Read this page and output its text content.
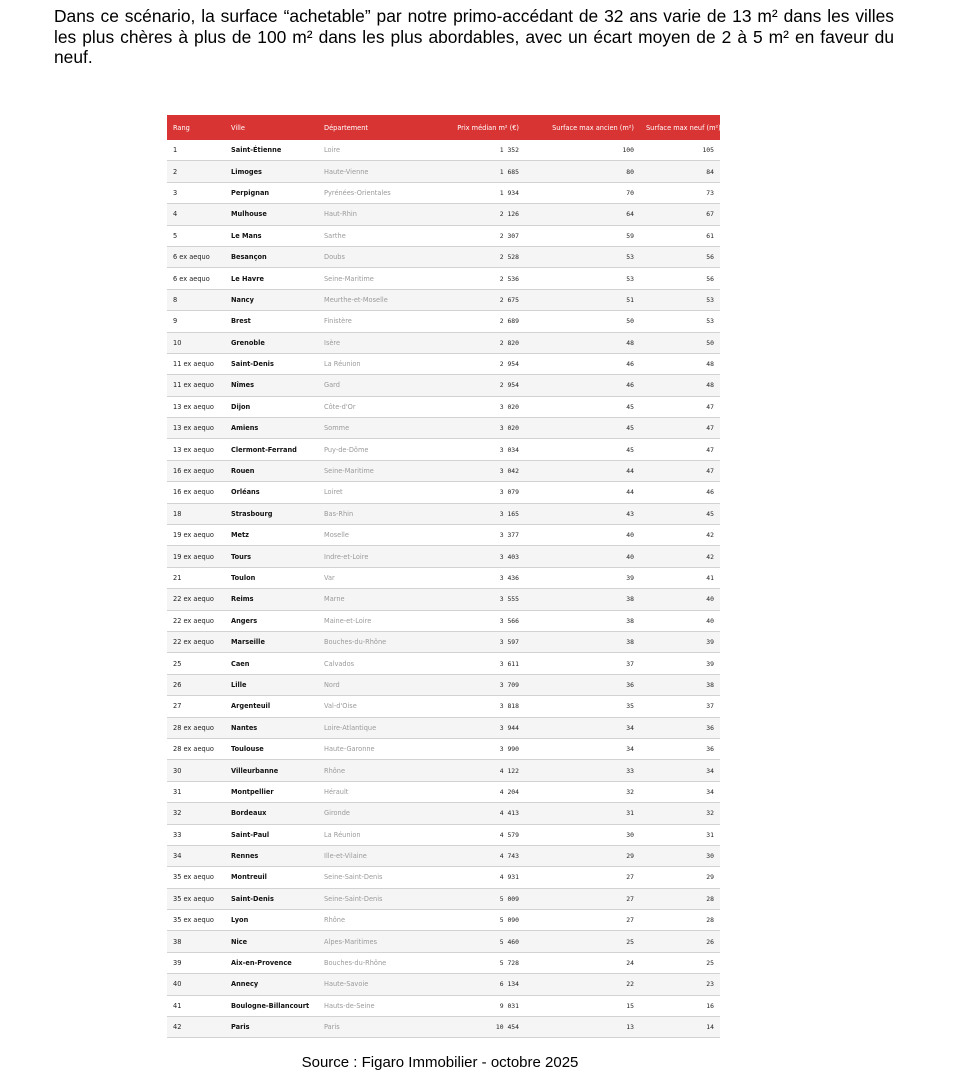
Dans ce scénario, la surface “achetable” par notre primo-accédant de 32 ans varie de 13 m² dans les villes les plus chères à plus de 100 m² dans les plus abordables, avec un écart moyen de 2 à 5 m² en faveur du neuf.

Rang	Ville	Département	Prix médian m² (€)	Surface max ancien (m²)	Surface max neuf (m²)
1	Saint-Étienne	Loire	1 352	100	105
2	Limoges	Haute-Vienne	1 685	80	84
3	Perpignan	Pyrénées-Orientales	1 934	70	73
4	Mulhouse	Haut-Rhin	2 126	64	67
5	Le Mans	Sarthe	2 307	59	61
6 ex aequo	Besançon	Doubs	2 528	53	56
6 ex aequo	Le Havre	Seine-Maritime	2 536	53	56
8	Nancy	Meurthe-et-Moselle	2 675	51	53
9	Brest	Finistère	2 689	50	53
10	Grenoble	Isère	2 820	48	50
11 ex aequo	Saint-Denis	La Réunion	2 954	46	48
11 ex aequo	Nîmes	Gard	2 954	46	48
13 ex aequo	Dijon	Côte-d'Or	3 020	45	47
13 ex aequo	Amiens	Somme	3 020	45	47
13 ex aequo	Clermont-Ferrand	Puy-de-Dôme	3 034	45	47
16 ex aequo	Rouen	Seine-Maritime	3 042	44	47
16 ex aequo	Orléans	Loiret	3 079	44	46
18	Strasbourg	Bas-Rhin	3 165	43	45
19 ex aequo	Metz	Moselle	3 377	40	42
19 ex aequo	Tours	Indre-et-Loire	3 403	40	42
21	Toulon	Var	3 436	39	41
22 ex aequo	Reims	Marne	3 555	38	40
22 ex aequo	Angers	Maine-et-Loire	3 566	38	40
22 ex aequo	Marseille	Bouches-du-Rhône	3 597	38	39
25	Caen	Calvados	3 611	37	39
26	Lille	Nord	3 709	36	38
27	Argenteuil	Val-d'Oise	3 818	35	37
28 ex aequo	Nantes	Loire-Atlantique	3 944	34	36
28 ex aequo	Toulouse	Haute-Garonne	3 990	34	36
30	Villeurbanne	Rhône	4 122	33	34
31	Montpellier	Hérault	4 204	32	34
32	Bordeaux	Gironde	4 413	31	32
33	Saint-Paul	La Réunion	4 579	30	31
34	Rennes	Ille-et-Vilaine	4 743	29	30
35 ex aequo	Montreuil	Seine-Saint-Denis	4 931	27	29
35 ex aequo	Saint-Denis	Seine-Saint-Denis	5 009	27	28
35 ex aequo	Lyon	Rhône	5 090	27	28
38	Nice	Alpes-Maritimes	5 460	25	26
39	Aix-en-Provence	Bouches-du-Rhône	5 728	24	25
40	Annecy	Haute-Savoie	6 134	22	23
41	Boulogne-Billancourt	Hauts-de-Seine	9 031	15	16
42	Paris	Paris	10 454	13	14
Source : Figaro Immobilier - octobre 2025
